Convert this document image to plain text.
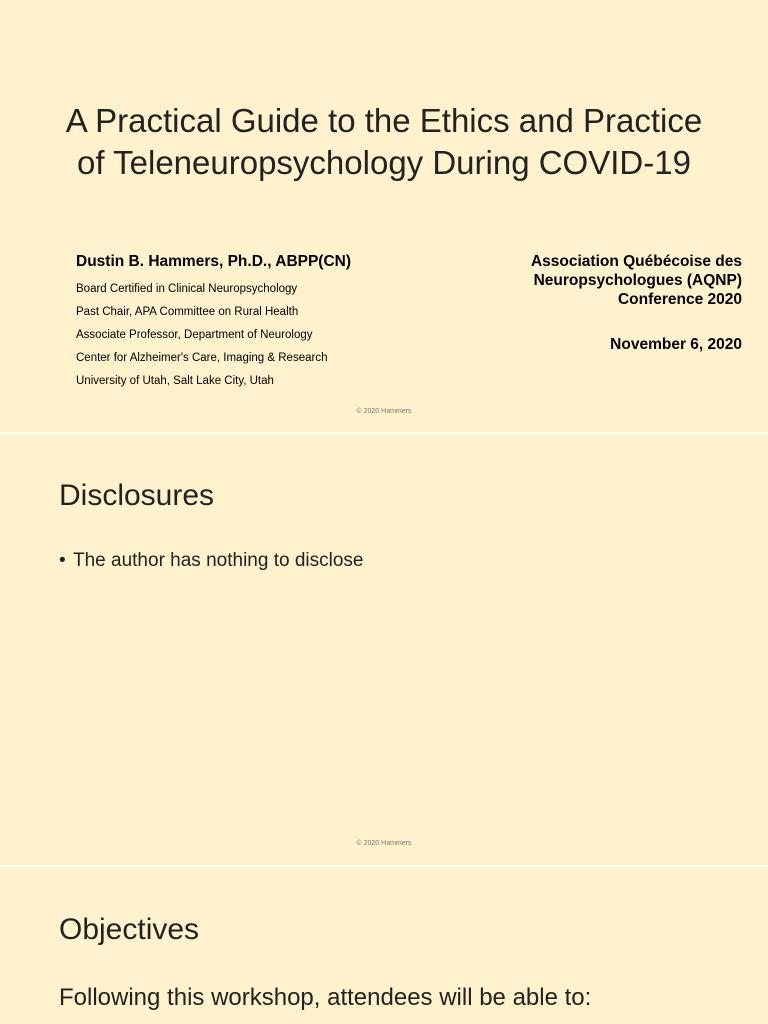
A Practical Guide to the Ethics and Practice
of Teleneuropsychology During COVID-19

Dustin B. Hammers, Ph.D., ABPP(CN)

Board Certified in Clinical Neuropsychology

Past Chair, APA Committee on Rural Health

Associate Professor, Department of Neurology

Center for Alzheimer's Care, Imaging & Research

University of Utah, Salt Lake City, Utah

Association Québécoise des

Neuropsychologues (AQNP)

Conference 2020

November 6, 2020

© 2020 Hammers
Disclosures
• The author has nothing to disclose
© 2020 Hammers
Objectives
Following this workshop, attendees will be able to:
